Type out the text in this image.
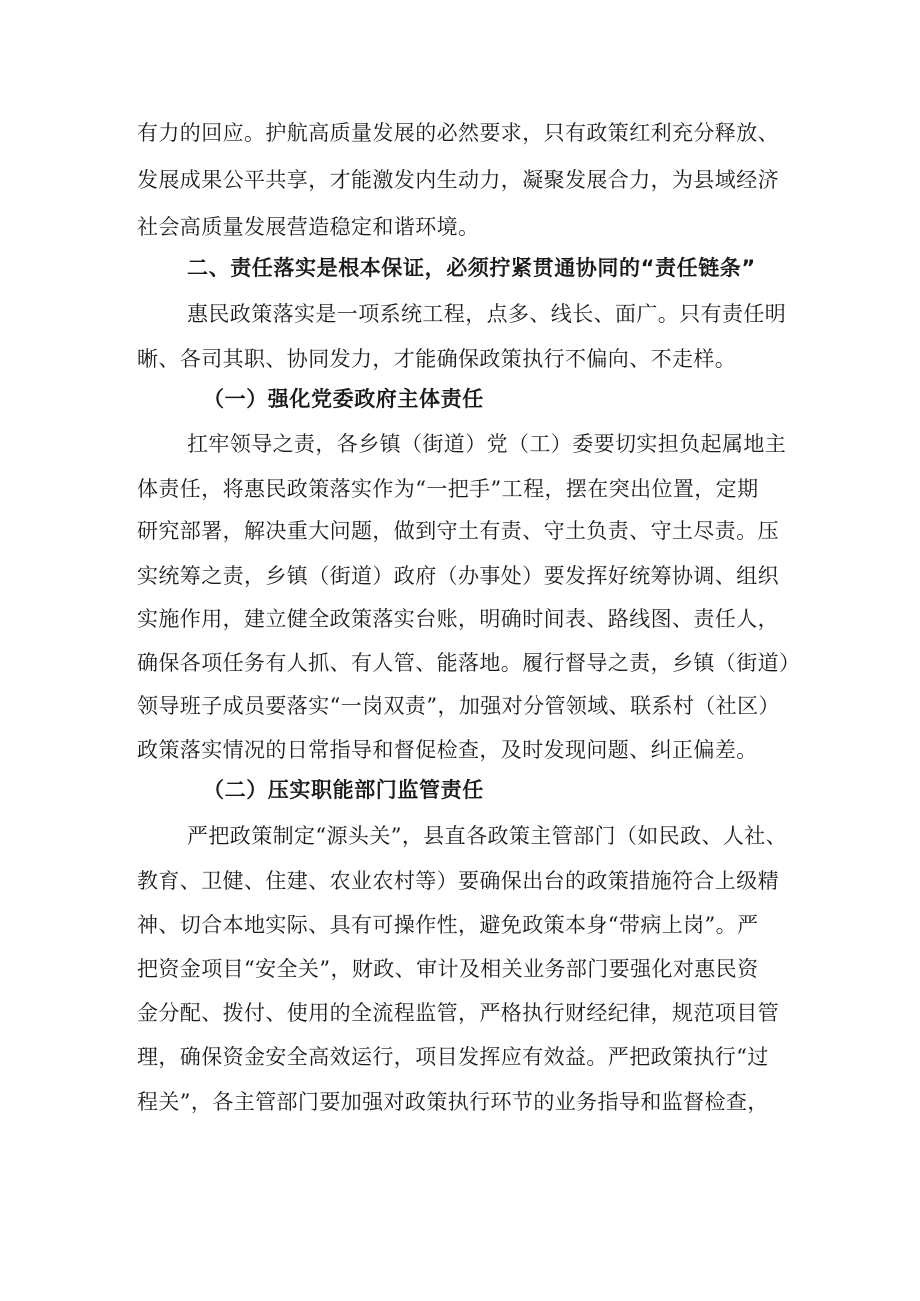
有力的回应。护航高质量发展的必然要求，只有政策红利充分释放、
发展成果公平共享，才能激发内生动力，凝聚发展合力，为县域经济
社会高质量发展营造稳定和谐环境。
二、责任落实是根本保证，必须拧紧贯通协同的“责任链条”
惠民政策落实是一项系统工程，点多、线长、面广。只有责任明
晰、各司其职、协同发力，才能确保政策执行不偏向、不走样。
（一）强化党委政府主体责任
扛牢领导之责，各乡镇（街道）党（工）委要切实担负起属地主
体责任，将惠民政策落实作为“一把手”工程，摆在突出位置，定期
研究部署，解决重大问题，做到守土有责、守土负责、守土尽责。压
实统筹之责，乡镇（街道）政府（办事处）要发挥好统筹协调、组织
实施作用，建立健全政策落实台账，明确时间表、路线图、责任人，
确保各项任务有人抓、有人管、能落地。履行督导之责，乡镇（街道）
领导班子成员要落实“一岗双责”，加强对分管领域、联系村（社区）
政策落实情况的日常指导和督促检查，及时发现问题、纠正偏差。
（二）压实职能部门监管责任
严把政策制定“源头关”，县直各政策主管部门（如民政、人社、
教育、卫健、住建、农业农村等）要确保出台的政策措施符合上级精
神、切合本地实际、具有可操作性，避免政策本身“带病上岗”。严
把资金项目“安全关”，财政、审计及相关业务部门要强化对惠民资
金分配、拨付、使用的全流程监管，严格执行财经纪律，规范项目管
理，确保资金安全高效运行，项目发挥应有效益。严把政策执行“过
程关”，各主管部门要加强对政策执行环节的业务指导和监督检查，
